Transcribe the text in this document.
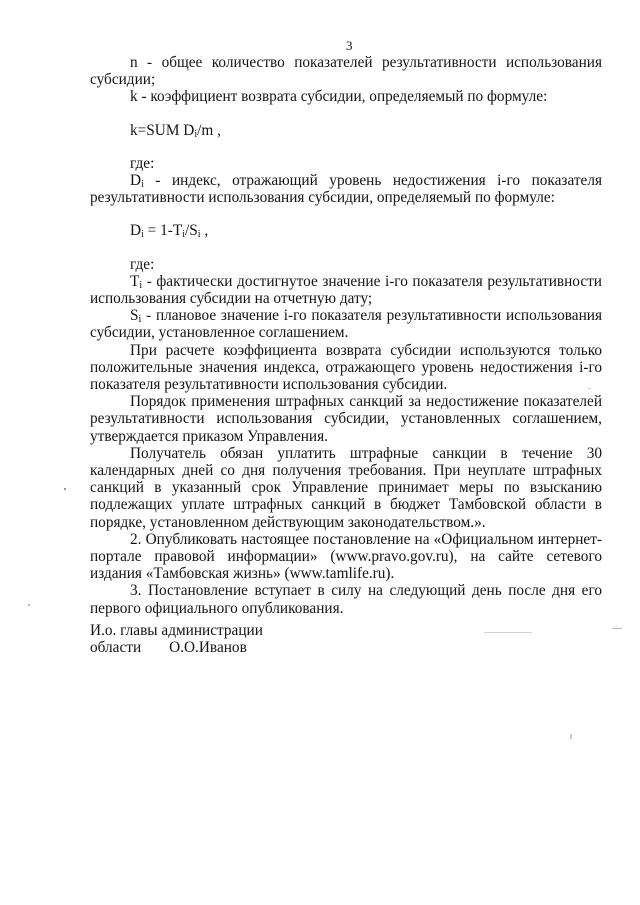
3

n - общее количество показателей результативности использования субсидии;

k - коэффициент возврата субсидии, определяемый по формуле:

k=SUM $D_i/m$ ,

где:

$D_i$ - индекс, отражающий уровень недостижения i-го показателя результативности использования субсидии, определяемый по формуле:

$D_i = 1-T_i/S_i$ ,

где:

$T_i$ - фактически достигнутое значение i-го показателя результативности использования субсидии на отчетную дату;

$S_i$ - плановое значение i-го показателя результативности использования субсидии, установленное соглашением.

При расчете коэффициента возврата субсидии используются только положительные значения индекса, отражающего уровень недостижения i-го показателя результативности использования субсидии.

Порядок применения штрафных санкций за недостижение показателей результативности использования субсидии, установленных соглашением, утверждается приказом Управления.

Получатель обязан уплатить штрафные санкции в течение 30 календарных дней со дня получения требования. При неуплате штрафных санкций в указанный срок Управление принимает меры по взысканию подлежащих уплате штрафных санкций в бюджет Тамбовской области в порядке, установленном действующим законодательством.».

2. Опубликовать настоящее постановление на «Официальном интернет-портале правовой информации» (www.pravo.gov.ru), на сайте сетевого издания «Тамбовская жизнь» (www.tamlife.ru).

3. Постановление вступает в силу на следующий день после дня его первого официального опубликования.

И.о. главы администрации
области О.О.Иванов
